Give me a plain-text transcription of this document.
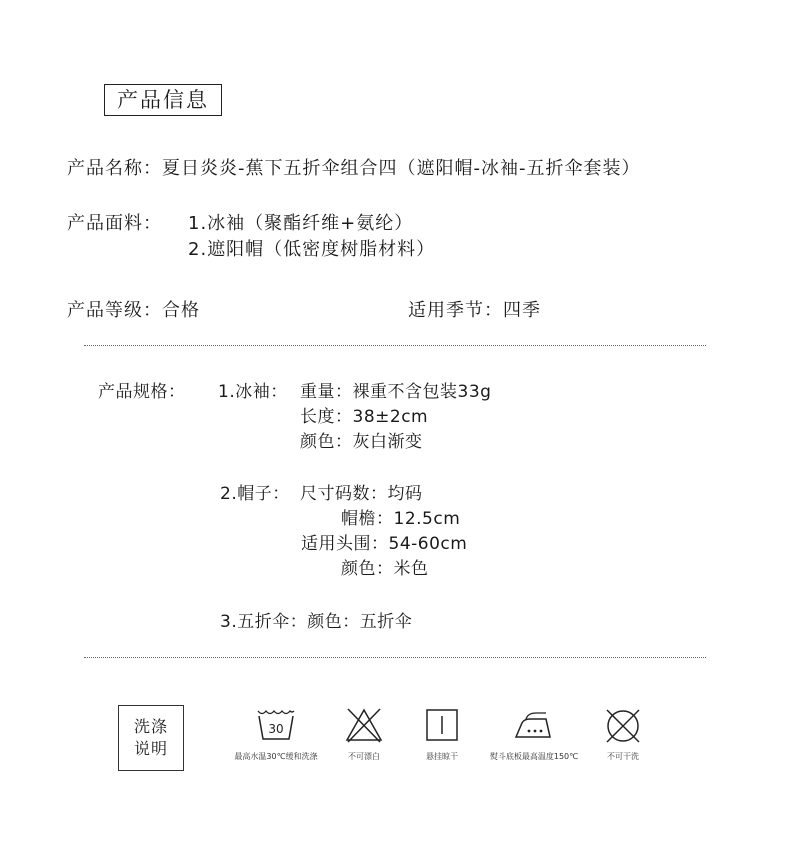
产品信息
产品名称：夏日炎炎-蕉下五折伞组合四（遮阳帽-冰袖-五折伞套装）
产品面料： 1.冰袖（聚酯纤维+氨纶）
2.遮阳帽（低密度树脂材料）
产品等级：合格	适用季节：四季
产品规格： 1.冰袖： 重量：裸重不含包装33g
长度：38±2cm
颜色：灰白渐变
2.帽子： 尺寸码数：均码
帽檐：12.5cm
适用头围：54-60cm
颜色：米色
3.五折伞：颜色：五折伞
洗涤
说明
30
最高水温30℃缓和洗涤	不可漂白	悬挂晾干	熨斗底板最高温度150℃	不可干洗
